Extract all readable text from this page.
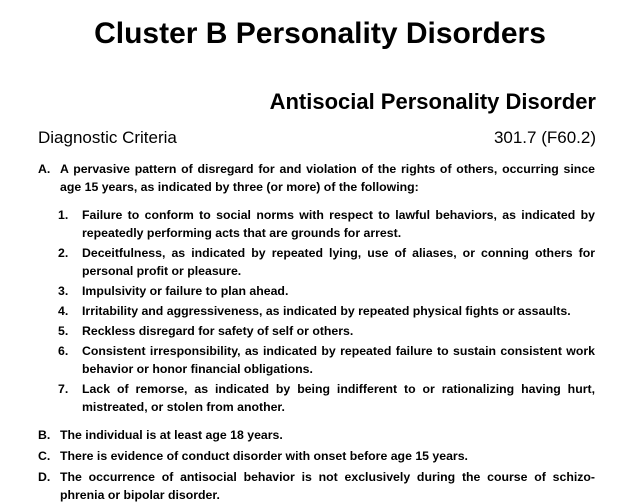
Cluster B Personality Disorders
Antisocial Personality Disorder
Diagnostic Criteria	301.7 (F60.2)
A. A pervasive pattern of disregard for and violation of the rights of others, occurring since age 15 years, as indicated by three (or more) of the following:
1. Failure to conform to social norms with respect to lawful behaviors, as indicated by repeatedly performing acts that are grounds for arrest.
2. Deceitfulness, as indicated by repeated lying, use of aliases, or conning others for personal profit or pleasure.
3. Impulsivity or failure to plan ahead.
4. Irritability and aggressiveness, as indicated by repeated physical fights or assaults.
5. Reckless disregard for safety of self or others.
6. Consistent irresponsibility, as indicated by repeated failure to sustain consistent work behavior or honor financial obligations.
7. Lack of remorse, as indicated by being indifferent to or rationalizing having hurt, mistreated, or stolen from another.
B. The individual is at least age 18 years.
C. There is evidence of conduct disorder with onset before age 15 years.
D. The occurrence of antisocial behavior is not exclusively during the course of schizo-phrenia or bipolar disorder.
